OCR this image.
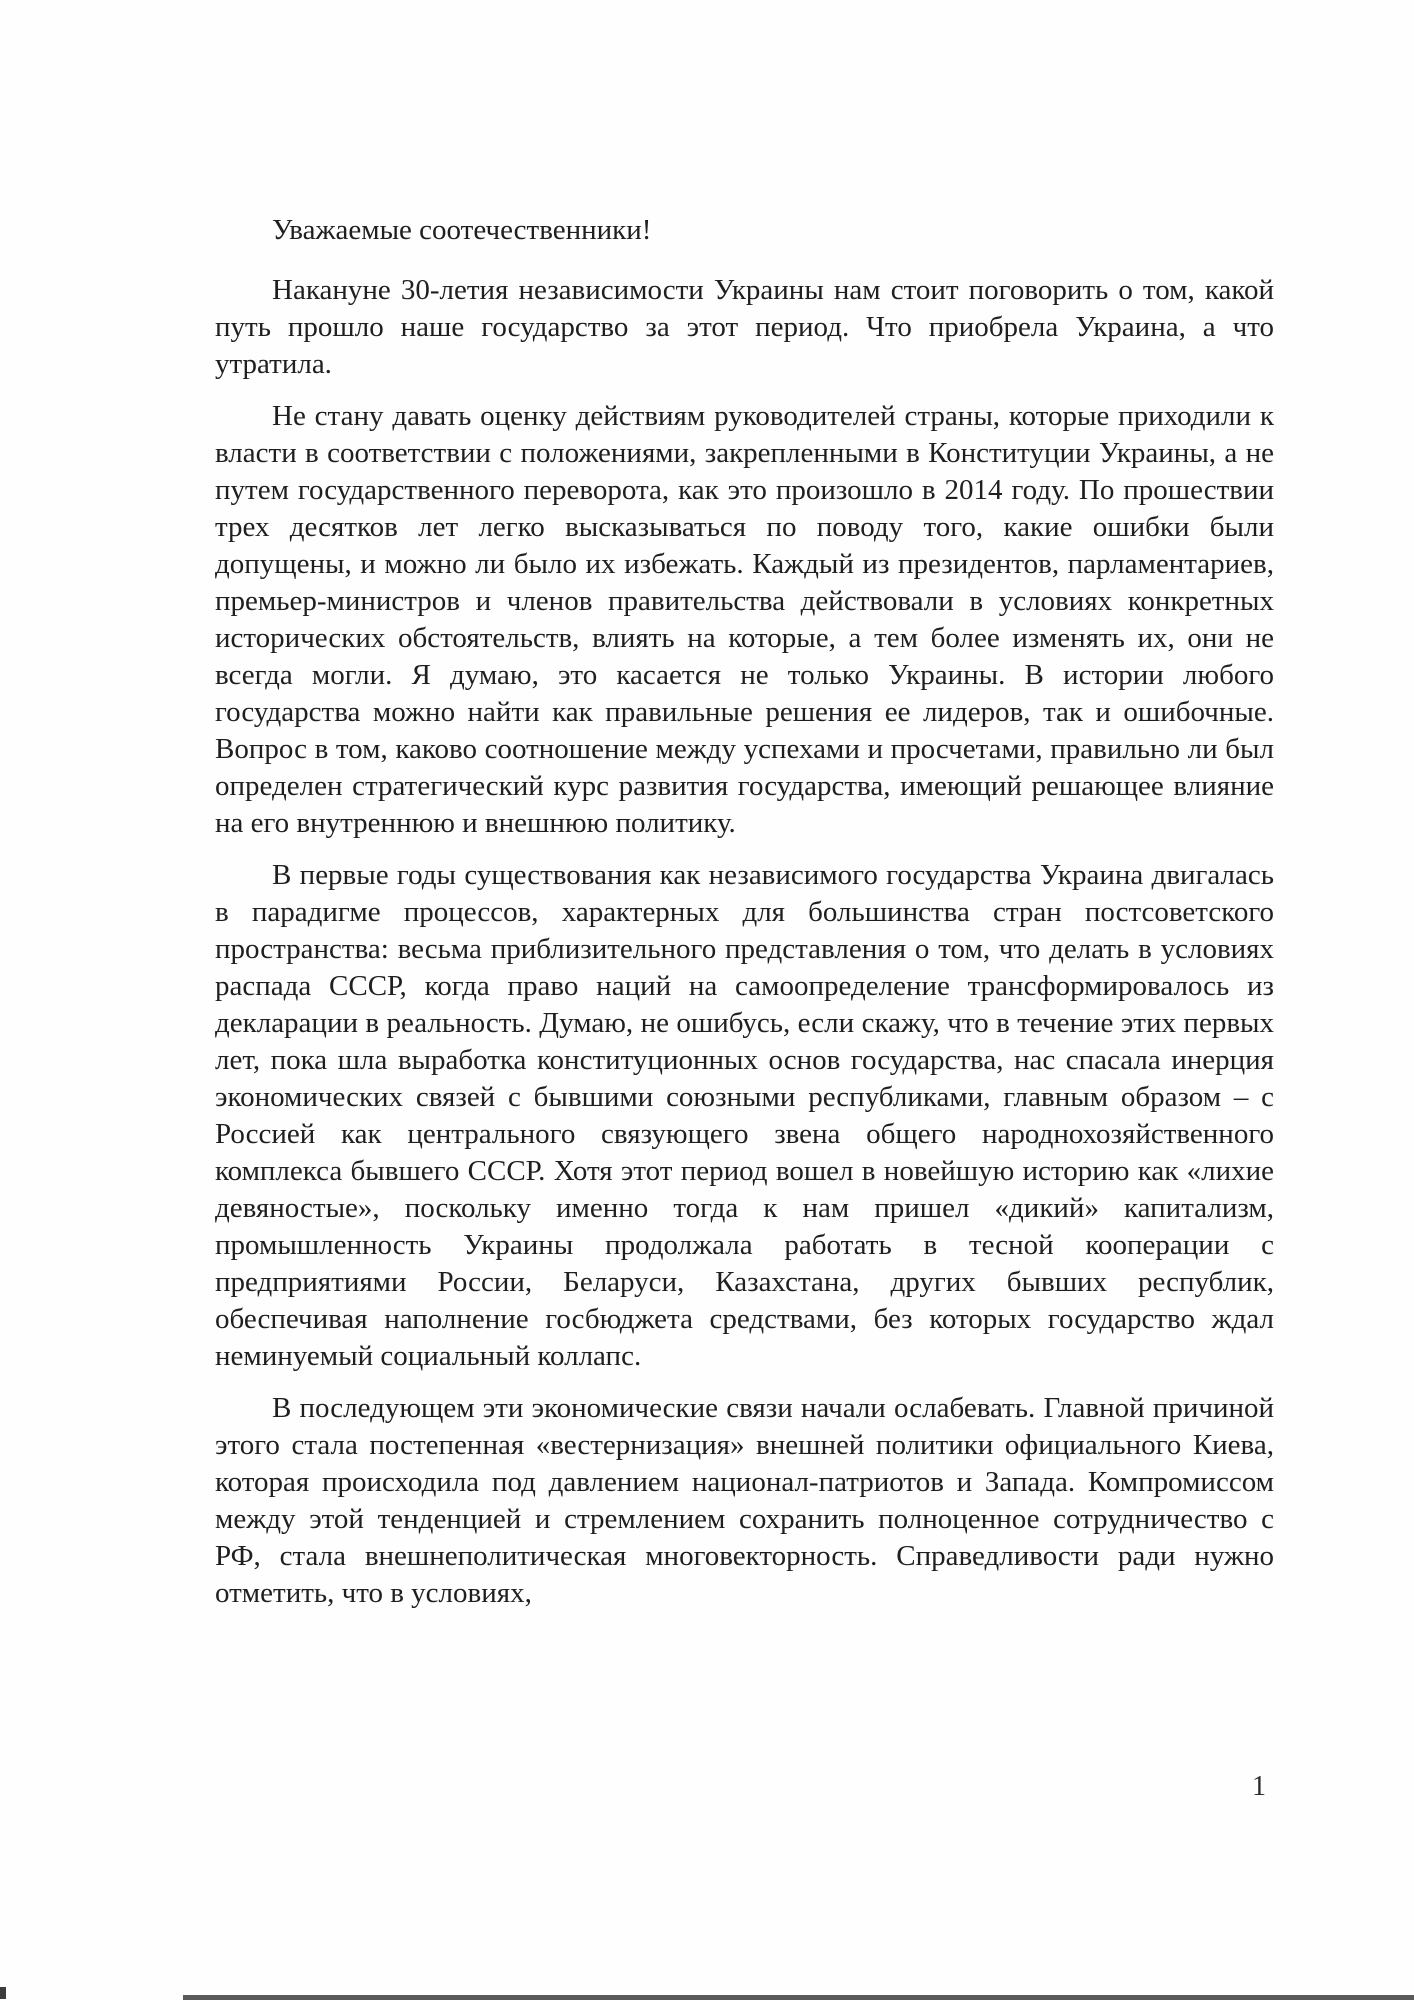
Уважаемые соотечественники!

Накануне 30-летия независимости Украины нам стоит поговорить о том, какой путь прошло наше государство за этот период. Что приобрела Украина, а что утратила.

Не стану давать оценку действиям руководителей страны, которые приходили к власти в соответствии с положениями, закрепленными в Конституции Украины, а не путем государственного переворота, как это произошло в 2014 году. По прошествии трех десятков лет легко высказываться по поводу того, какие ошибки были допущены, и можно ли было их избежать. Каждый из президентов, парламентариев, премьер-министров и членов правительства действовали в условиях конкретных исторических обстоятельств, влиять на которые, а тем более изменять их, они не всегда могли. Я думаю, это касается не только Украины. В истории любого государства можно найти как правильные решения ее лидеров, так и ошибочные. Вопрос в том, каково соотношение между успехами и просчетами, правильно ли был определен стратегический курс развития государства, имеющий решающее влияние на его внутреннюю и внешнюю политику.

В первые годы существования как независимого государства Украина двигалась в парадигме процессов, характерных для большинства стран постсоветского пространства: весьма приблизительного представления о том, что делать в условиях распада СССР, когда право наций на самоопределение трансформировалось из декларации в реальность. Думаю, не ошибусь, если скажу, что в течение этих первых лет, пока шла выработка конституционных основ государства, нас спасала инерция экономических связей с бывшими союзными республиками, главным образом – с Россией как центрального связующего звена общего народнохозяйственного комплекса бывшего СССР. Хотя этот период вошел в новейшую историю как «лихие девяностые», поскольку именно тогда к нам пришел «дикий» капитализм, промышленность Украины продолжала работать в тесной кооперации с предприятиями России, Беларуси, Казахстана, других бывших республик, обеспечивая наполнение госбюджета средствами, без которых государство ждал неминуемый социальный коллапс.

В последующем эти экономические связи начали ослабевать. Главной причиной этого стала постепенная «вестернизация» внешней политики официального Киева, которая происходила под давлением национал-патриотов и Запада. Компромиссом между этой тенденцией и стремлением сохранить полноценное сотрудничество с РФ, стала внешнеполитическая многовекторность. Справедливости ради нужно отметить, что в условиях,

1
